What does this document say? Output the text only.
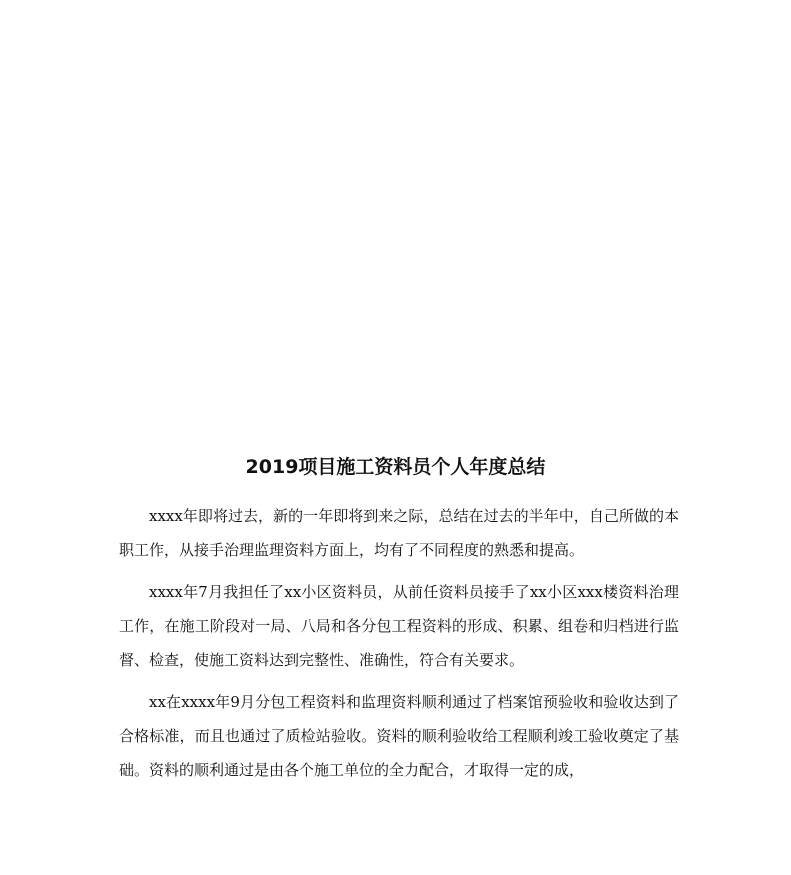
2019项目施工资料员个人年度总结

xxxx年即将过去，新的一年即将到来之际，总结在过去的半年中，自己所做的本职工作，从接手治理监理资料方面上，均有了不同程度的熟悉和提高。

xxxx年7月我担任了xx小区资料员，从前任资料员接手了xx小区xxx楼资料治理工作，在施工阶段对一局、八局和各分包工程资料的形成、积累、组卷和归档进行监督、检查，使施工资料达到完整性、准确性，符合有关要求。

xx在xxxx年9月分包工程资料和监理资料顺利通过了档案馆预验收和验收达到了合格标准，而且也通过了质检站验收。资料的顺利验收给工程顺利竣工验收奠定了基础。资料的顺利通过是由各个施工单位的全力配合，才取得一定的成，
